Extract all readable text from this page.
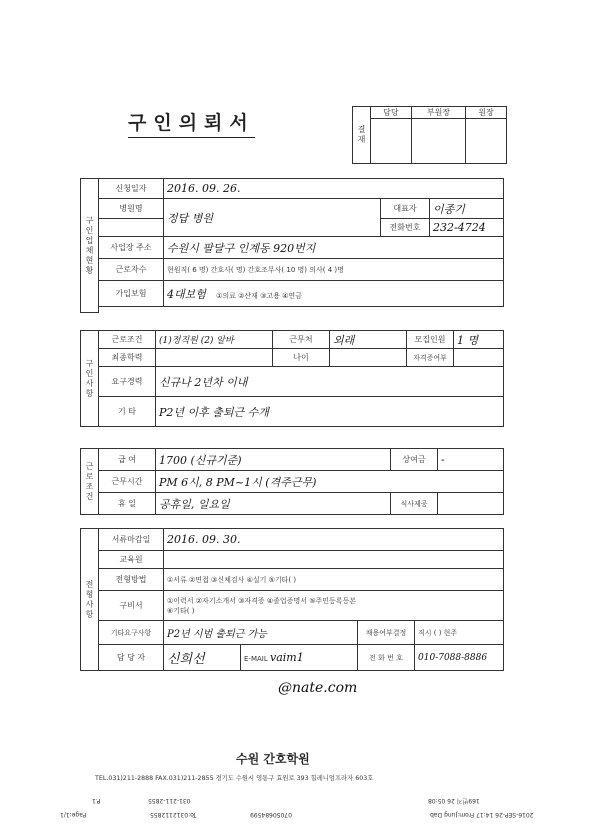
구인의뢰서
결재	담당	부원장	원장

구인업체현황	신청일자	2016. 09. 26.		
	병원명	정답 병원	대표자	이종기
			전화번호	232-4724
	사업장 주소	수원시 팔달구 인계동 920번지		
	근로자수	현원직( 6 명) 간호사( 명) 간호조무사( 10 명) 의사( 4 )명		
	가입보험	4대보험 ①의료 ②산재 ③고용 ④연금		

구인사항	근로조건	(1)정직원 (2) 알바	근무처	외래	모집인원	1 명
	최종학력		나이		자격증여부	
	요구경력	신규나 2년차 이내				
	기 타	P2년 이후 출퇴근 수개				
근로조건	급 여	1700 (신규기준)	상여금	-
	근무시간	PM 6시, 8 PM~1시 (격주근무)		
	휴 일	공휴일, 일요일	식사제공	
전형사항	서류마감일	2016. 09. 30.			
	교육원				
	전형방법	①서류 ②면접 ③신체검사 ④실기 ⑤기타( )			
	구비서	①이력서 ②자기소개서 ③자격증 ④졸업증명서 ⑤주민등록등본
⑥기타( )			

	기타요구사항	P2년 시범 출퇴근 가능		채용여부결정	직시 ( ) 현주
	담 당 자	신희선	E-MAIL vaim1	전 화 번 호	010-7088-8886
@nate.com
수원 간호학원
TEL.031)211-2888 FAX.031)211-2855 경기도 수원시 영통구 효원로 393 힐레니엄프라자 603호
169번지 26 05:08
031-211-2855
P.1
2016-SEP-26 14:17 From:Jung Dab
07050684599
To:0312112855
Page:1/1
